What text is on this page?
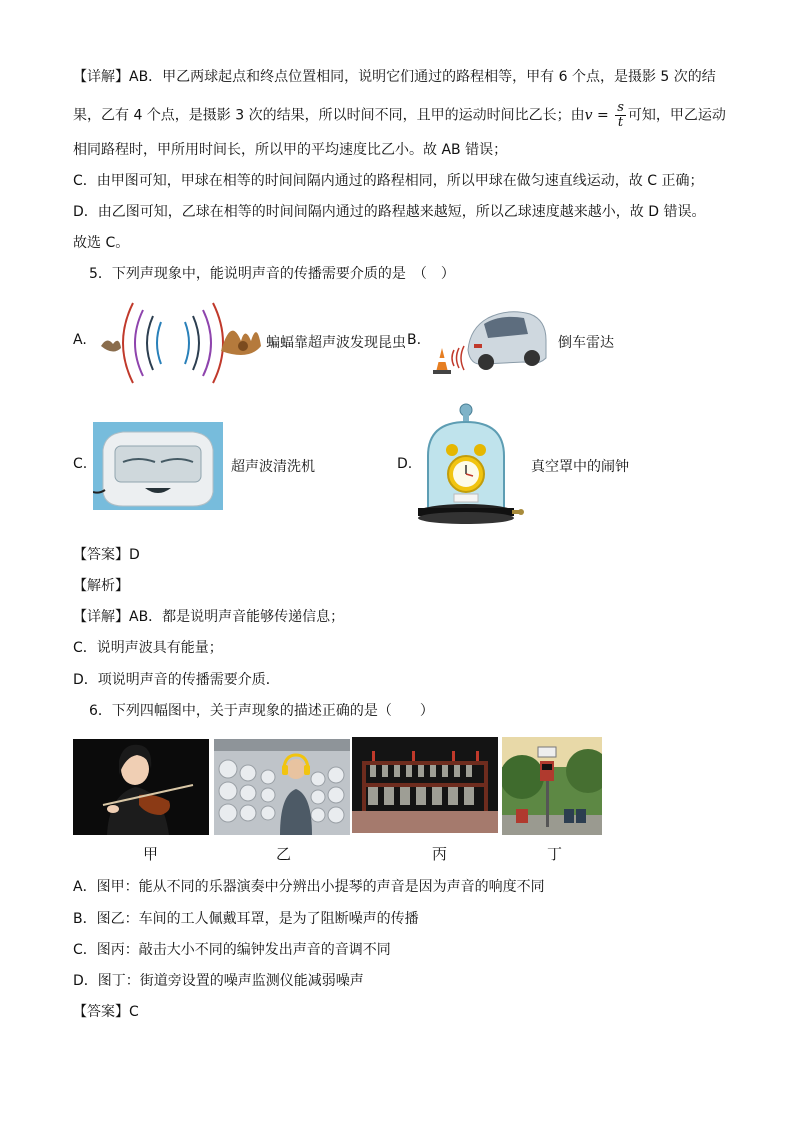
【详解】AB．甲乙两球起点和终点位置相同，说明它们通过的路程相等，甲有 6 个点，是摄影 5 次的结
果，乙有 4 个点，是摄影 3 次的结果，所以时间不同，且甲的运动时间比乙长；由$v = \frac{s}{t}$ 可知，甲乙运动
相同路程时，甲所用时间长，所以甲的平均速度比乙小。故 AB 错误；
C．由甲图可知，甲球在相等的时间间隔内通过的路程相同，所以甲球在做匀速直线运动，故 C 正确；
D．由乙图可知，乙球在相等的时间间隔内通过的路程越来越短，所以乙球速度越来越小，故 D 错误。
故选 C。
5．下列声现象中，能说明声音的传播需要介质的是　（　）
A.	蝙蝠靠超声波发现昆虫 B.	倒车雷达
C.	超声波清洗机	D.	真空罩中的闹钟
【答案】D
【解析】
【详解】AB．都是说明声音能够传递信息；
C．说明声波具有能量；
D．项说明声音的传播需要介质．
6．下列四幅图中，关于声现象的描述正确的是（　　）
甲	乙	丙	丁
A．图甲：能从不同的乐器演奏中分辨出小提琴的声音是因为声音的响度不同
B．图乙：车间的工人佩戴耳罩，是为了阻断噪声的传播
C．图丙：敲击大小不同的编钟发出声音的音调不同
D．图丁：街道旁设置的噪声监测仪能减弱噪声
【答案】C
